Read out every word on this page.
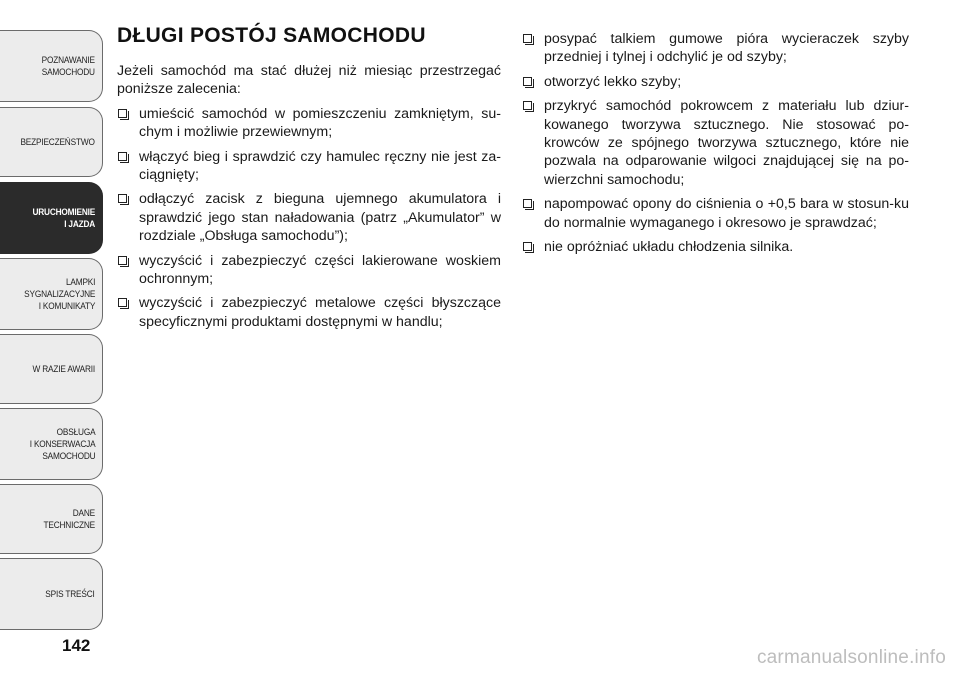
POZNAWANIE
SAMOCHODU
BEZPIECZEŃSTWO
URUCHOMIENIE
I JAZDA
LAMPKI
SYGNALIZACYJNE
I KOMUNIKATY
W RAZIE AWARII
OBSŁUGA
I KONSERWACJA
SAMOCHODU
DANE
TECHNICZNE
SPIS TREŚCI
142
DŁUGI POSTÓJ SAMOCHODU

Jeżeli samochód ma stać dłużej niż miesiąc przestrzegać poniższe zalecenia:

umieścić samochód w pomieszczeniu zamkniętym, su-chym i możliwie przewiewnym;
włączyć bieg i sprawdzić czy hamulec ręczny nie jest za-ciągnięty;
odłączyć zacisk z bieguna ujemnego akumulatora i sprawdzić jego stan naładowania (patrz „Akumulator” w rozdziale „Obsługa samochodu”);
wyczyścić i zabezpieczyć części lakierowane woskiem ochronnym;
wyczyścić i zabezpieczyć metalowe części błyszczące specyficznymi produktami dostępnymi w handlu;
posypać talkiem gumowe pióra wycieraczek szyby przedniej i tylnej i odchylić je od szyby;
otworzyć lekko szyby;
przykryć samochód pokrowcem z materiału lub dziur-kowanego tworzywa sztucznego. Nie stosować po-krowców ze spójnego tworzywa sztucznego, które nie pozwala na odparowanie wilgoci znajdującej się na po-wierzchni samochodu;
napompować opony do ciśnienia o +0,5 bara w stosun-ku do normalnie wymaganego i okresowo je sprawdzać;
nie opróżniać układu chłodzenia silnika.
carmanualsonline.info
